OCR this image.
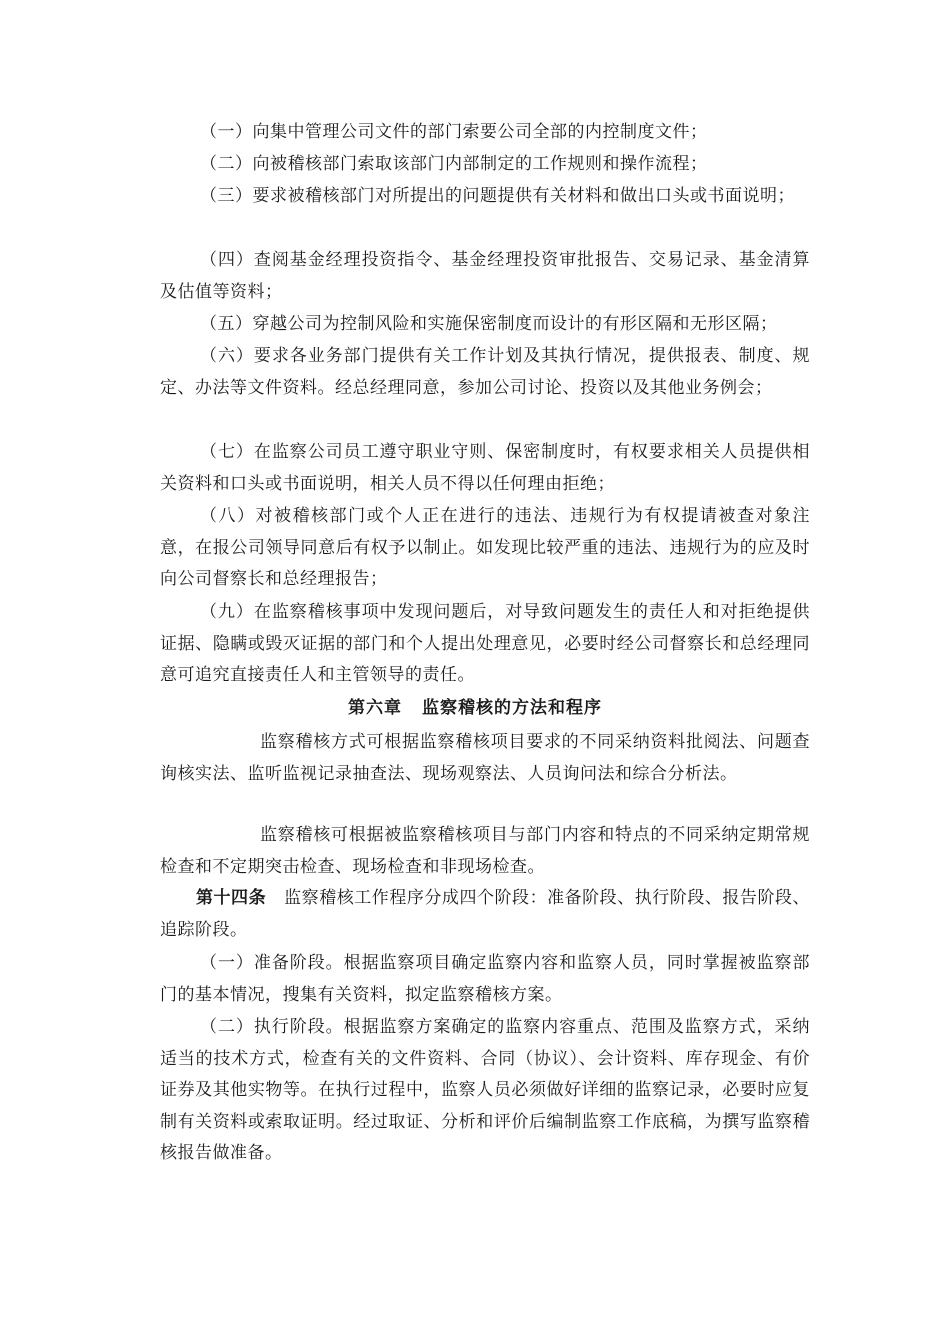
（一）向集中管理公司文件的部门索要公司全部的内控制度文件；

（二）向被稽核部门索取该部门内部制定的工作规则和操作流程；

（三）要求被稽核部门对所提出的问题提供有关材料和做出口头或书面说明；

（四）查阅基金经理投资指令、基金经理投资审批报告、交易记录、基金清算及估值等资料；

（五）穿越公司为控制风险和实施保密制度而设计的有形区隔和无形区隔；

（六）要求各业务部门提供有关工作计划及其执行情况，提供报表、制度、规定、办法等文件资料。经总经理同意，参加公司讨论、投资以及其他业务例会；

（七）在监察公司员工遵守职业守则、保密制度时，有权要求相关人员提供相关资料和口头或书面说明，相关人员不得以任何理由拒绝；

（八）对被稽核部门或个人正在进行的违法、违规行为有权提请被查对象注意，在报公司领导同意后有权予以制止。如发现比较严重的违法、违规行为的应及时向公司督察长和总经理报告；

（九）在监察稽核事项中发现问题后，对导致问题发生的责任人和对拒绝提供证据、隐瞒或毁灭证据的部门和个人提出处理意见，必要时经公司督察长和总经理同意可追究直接责任人和主管领导的责任。

第六章 监察稽核的方法和程序

监察稽核方式可根据监察稽核项目要求的不同采纳资料批阅法、问题查询核实法、监听监视记录抽查法、现场观察法、人员询问法和综合分析法。

监察稽核可根据被监察稽核项目与部门内容和特点的不同采纳定期常规检查和不定期突击检查、现场检查和非现场检查。

第十四条 监察稽核工作程序分成四个阶段：准备阶段、执行阶段、报告阶段、追踪阶段。

（一）准备阶段。根据监察项目确定监察内容和监察人员，同时掌握被监察部门的基本情况，搜集有关资料，拟定监察稽核方案。

（二）执行阶段。根据监察方案确定的监察内容重点、范围及监察方式，采纳适当的技术方式，检查有关的文件资料、合同（协议）、会计资料、库存现金、有价证券及其他实物等。在执行过程中，监察人员必须做好详细的监察记录，必要时应复制有关资料或索取证明。经过取证、分析和评价后编制监察工作底稿，为撰写监察稽核报告做准备。
